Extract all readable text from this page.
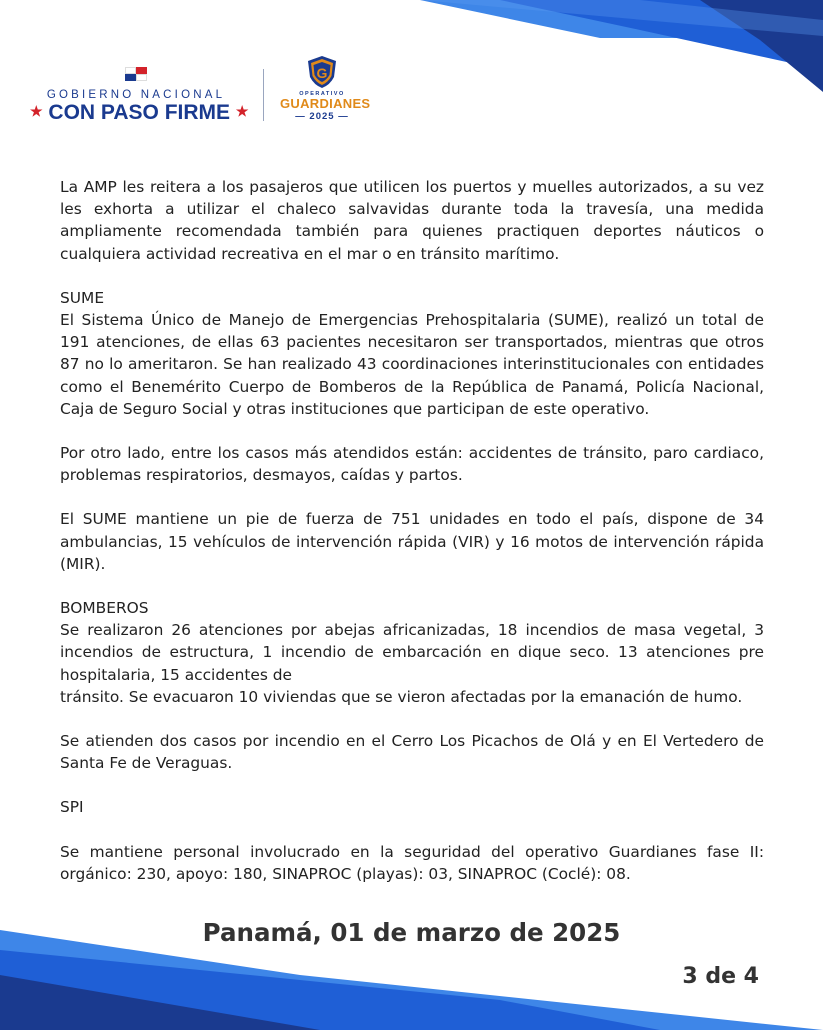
GOBIERNO NACIONAL
★ CON PASO FIRME ★
G
OPERATIVO
GUARDIANES
— 2025 —

La AMP les reitera a los pasajeros que utilicen los puertos y muelles autorizados, a su vez les exhorta a utilizar el chaleco salvavidas durante toda la travesía, una medida ampliamente recomendada también para quienes practiquen deportes náuticos o cualquiera actividad recreativa en el mar o en tránsito marítimo.

SUME

El Sistema Único de Manejo de Emergencias Prehospitalaria (SUME), realizó un total de 191 atenciones, de ellas 63 pacientes necesitaron ser transportados, mientras que otros 87 no lo ameritaron. Se han realizado 43 coordinaciones interinstitucionales con entidades como el Benemérito Cuerpo de Bomberos de la República de Panamá, Policía Nacional, Caja de Seguro Social y otras instituciones que participan de este operativo.

Por otro lado, entre los casos más atendidos están: accidentes de tránsito, paro cardiaco, problemas respiratorios, desmayos, caídas y partos.

El SUME mantiene un pie de fuerza de 751 unidades en todo el país, dispone de 34 ambulancias, 15 vehículos de intervención rápida (VIR) y 16 motos de intervención rápida (MIR).

BOMBEROS

Se realizaron 26 atenciones por abejas africanizadas, 18 incendios de masa vegetal, 3 incendios de estructura, 1 incendio de embarcación en dique seco. 13 atenciones pre hospitalaria, 15 accidentes de

tránsito. Se evacuaron 10 viviendas que se vieron afectadas por la emanación de humo.

Se atienden dos casos por incendio en el Cerro Los Picachos de Olá y en El Vertedero de Santa Fe de Veraguas.

SPI

Se mantiene personal involucrado en la seguridad del operativo Guardianes fase II: orgánico: 230, apoyo: 180, SINAPROC (playas): 03, SINAPROC (Coclé): 08.

Panamá, 01 de marzo de 2025
3 de 4
